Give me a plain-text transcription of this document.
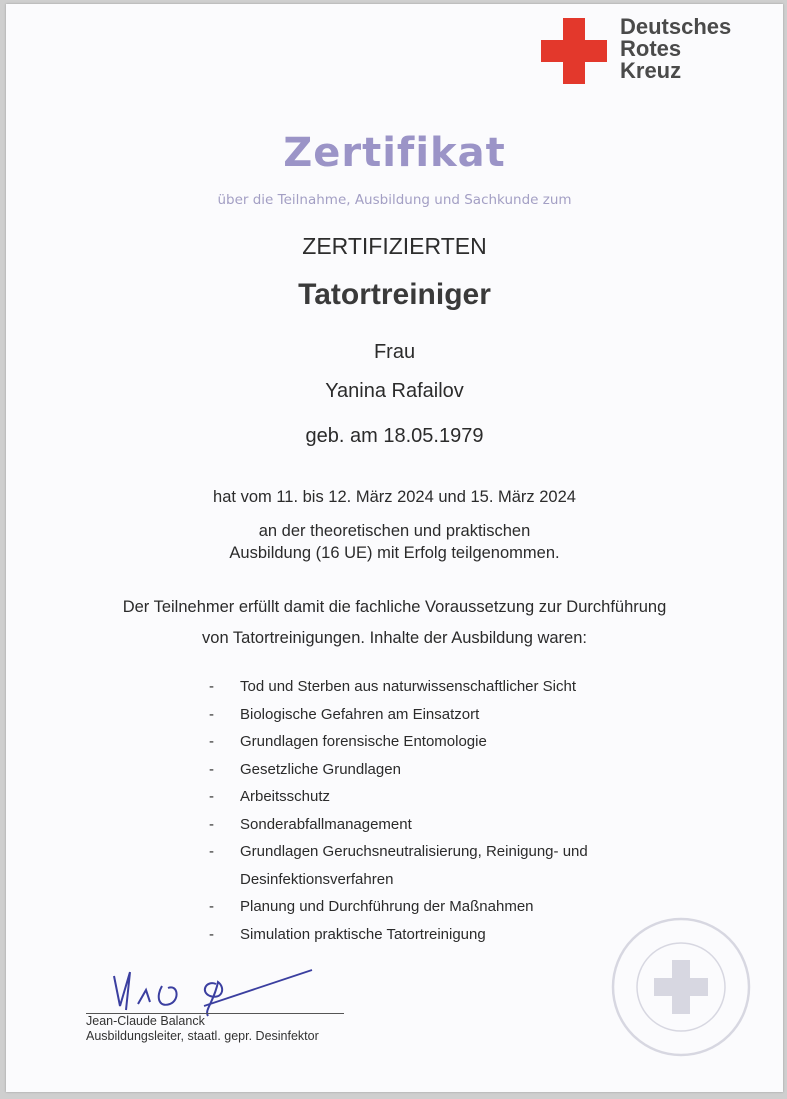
Deutsches
Rotes
Kreuz
Zertifikat
über die Teilnahme, Ausbildung und Sachkunde zum
ZERTIFIZIERTEN
Tatortreiniger
Frau
Yanina Rafailov
geb. am 18.05.1979
hat vom 11. bis 12. März 2024 und 15. März 2024
an der theoretischen und praktischen
Ausbildung (16 UE) mit Erfolg teilgenommen.
Der Teilnehmer erfüllt damit die fachliche Voraussetzung zur Durchführung
von Tatortreinigungen. Inhalte der Ausbildung waren:
- Tod und Sterben aus naturwissenschaftlicher Sicht
- Biologische Gefahren am Einsatzort
- Grundlagen forensische Entomologie
- Gesetzliche Grundlagen
- Arbeitsschutz
- Sonderabfallmanagement
- Grundlagen Geruchsneutralisierung, Reinigung- und
Desinfektionsverfahren
- Planung und Durchführung der Maßnahmen
- Simulation praktische Tatortreinigung
Jean-Claude Balanck
Ausbildungsleiter, staatl. gepr. Desinfektor
